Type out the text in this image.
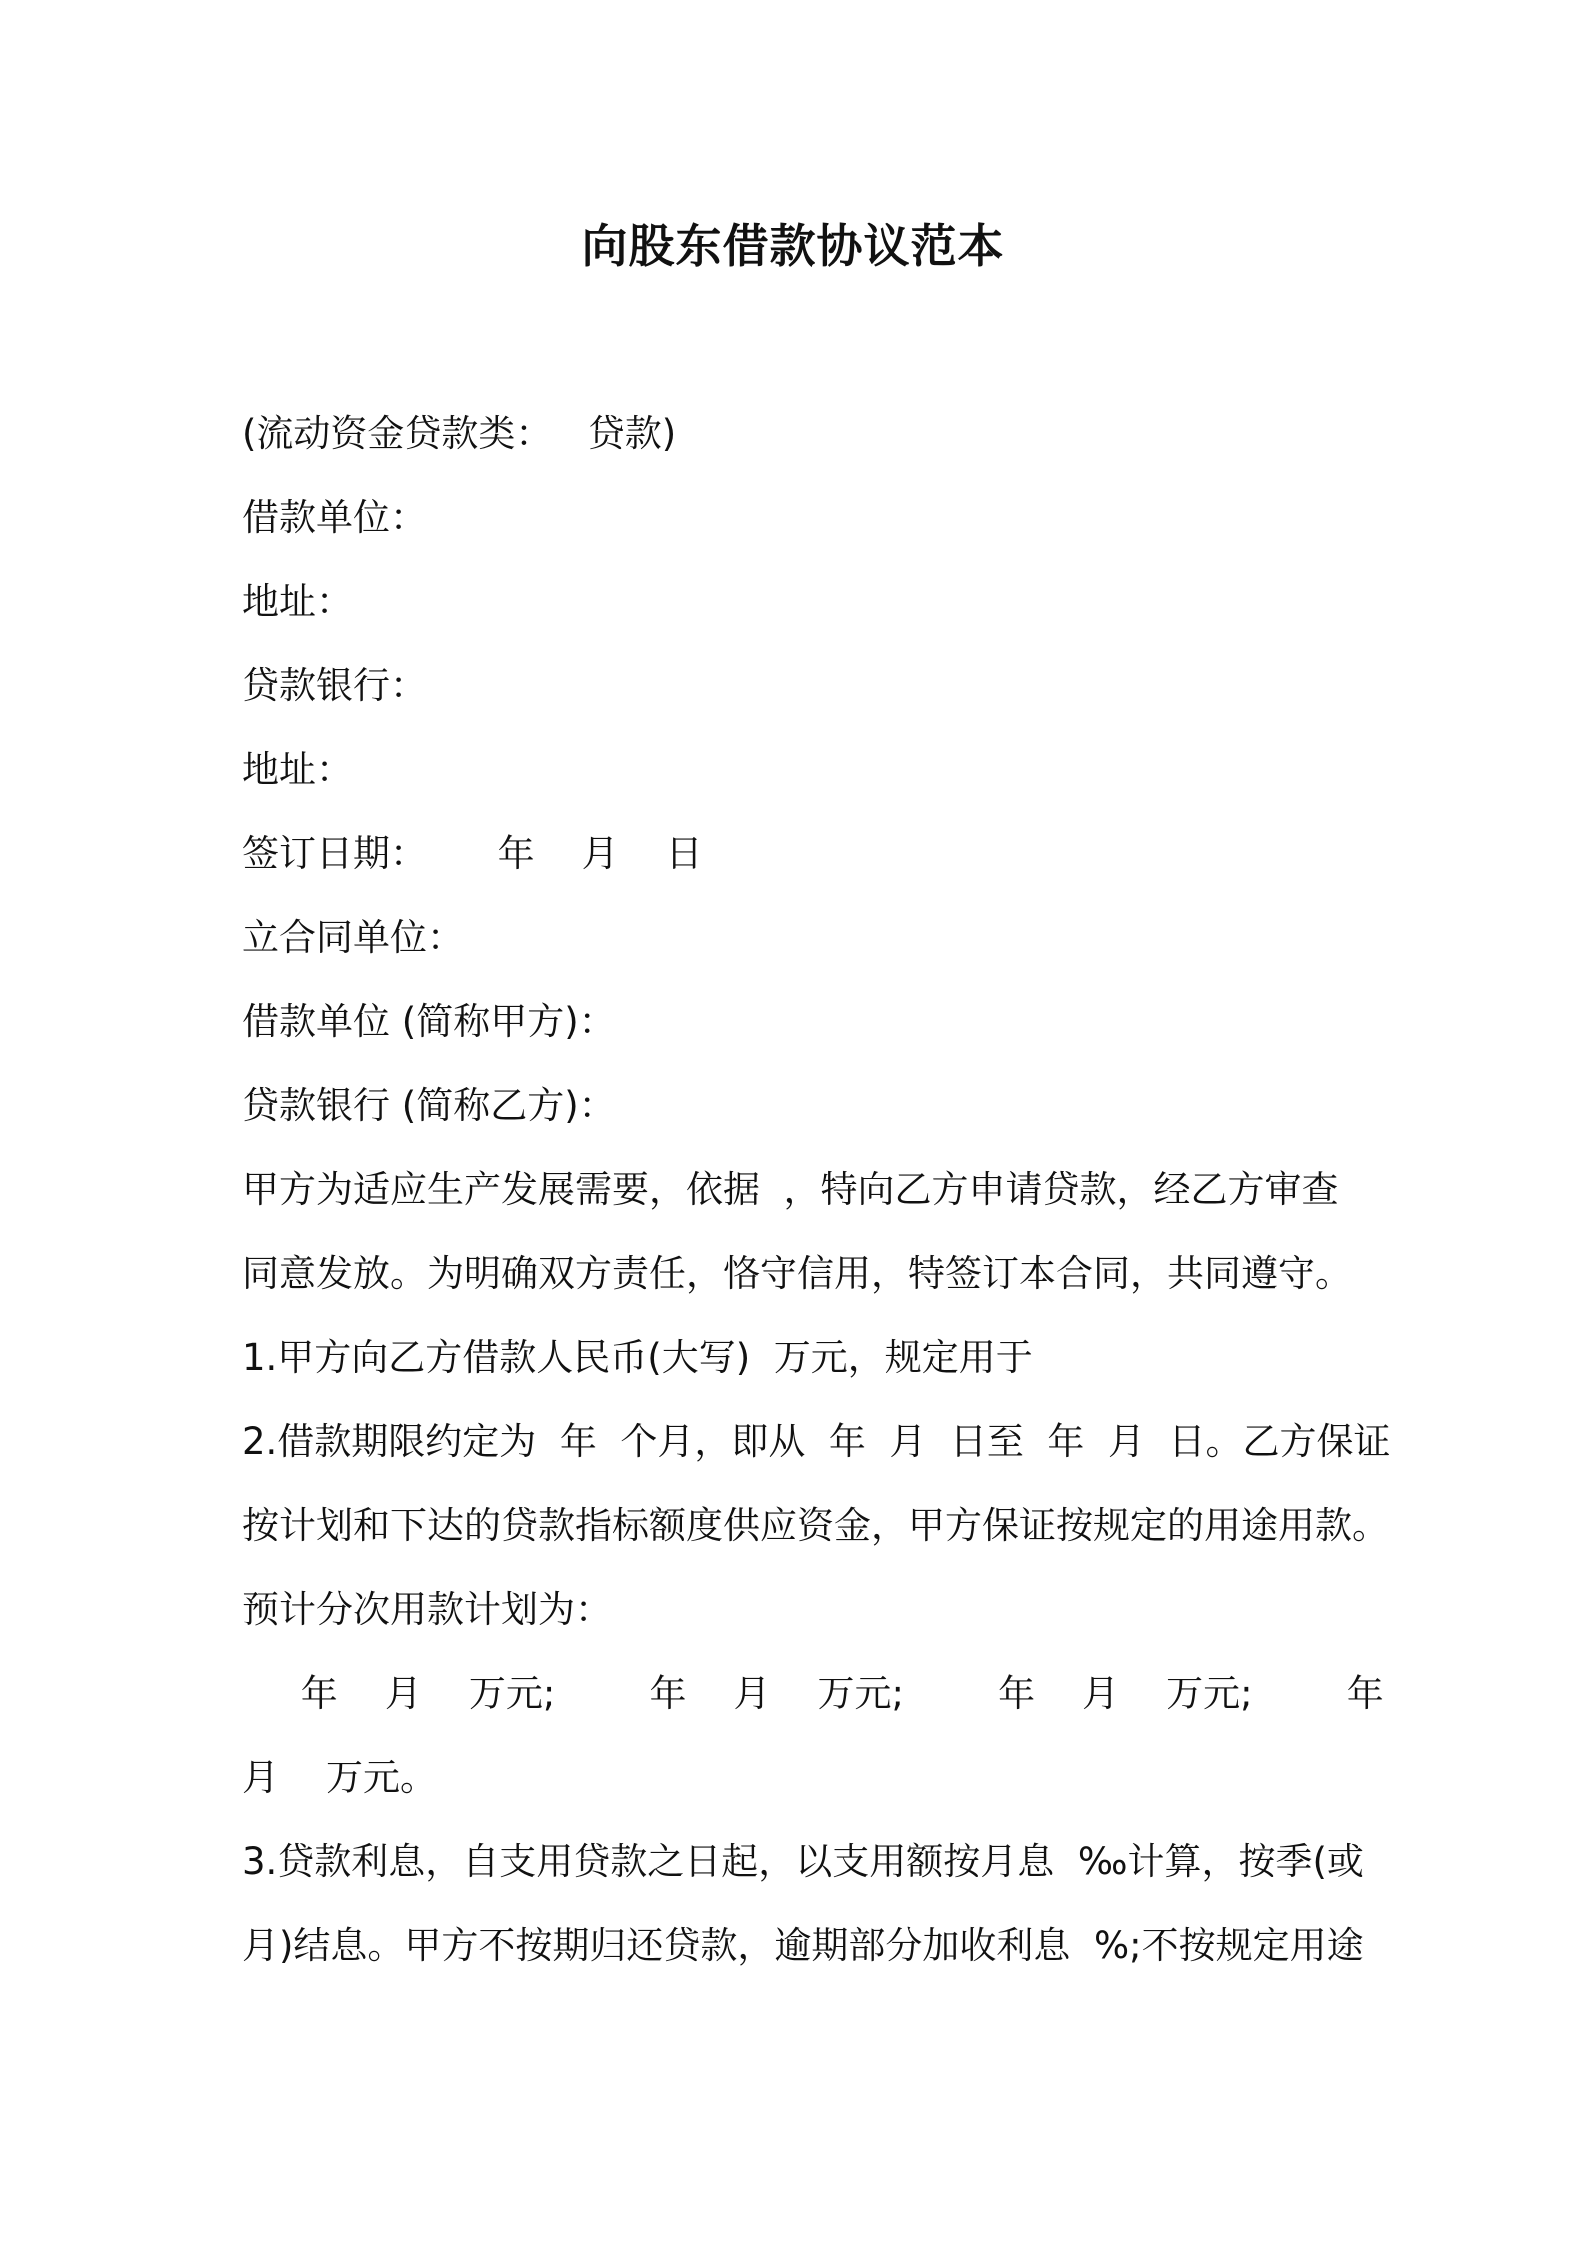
向股东借款协议范本
(流动资金贷款类：   贷款)
借款单位：
地址：
贷款银行：
地址：
签订日期：      年    月    日
立合同单位：
借款单位 (简称甲方)：
贷款银行 (简称乙方)：
甲方为适应生产发展需要，依据  ，特向乙方申请贷款，经乙方审查
同意发放。为明确双方责任，恪守信用，特签订本合同，共同遵守。
1.甲方向乙方借款人民币(大写)  万元，规定用于
2.借款期限约定为  年  个月，即从  年  月  日至  年  月  日。乙方保证
按计划和下达的贷款指标额度供应资金，甲方保证按规定的用途用款。
预计分次用款计划为：
年    月    万元;        年    月    万元;        年    月    万元;        年
月    万元。
3.贷款利息，自支用贷款之日起，以支用额按月息  ‰计算，按季(或
月)结息。甲方不按期归还贷款，逾期部分加收利息  %;不按规定用途
